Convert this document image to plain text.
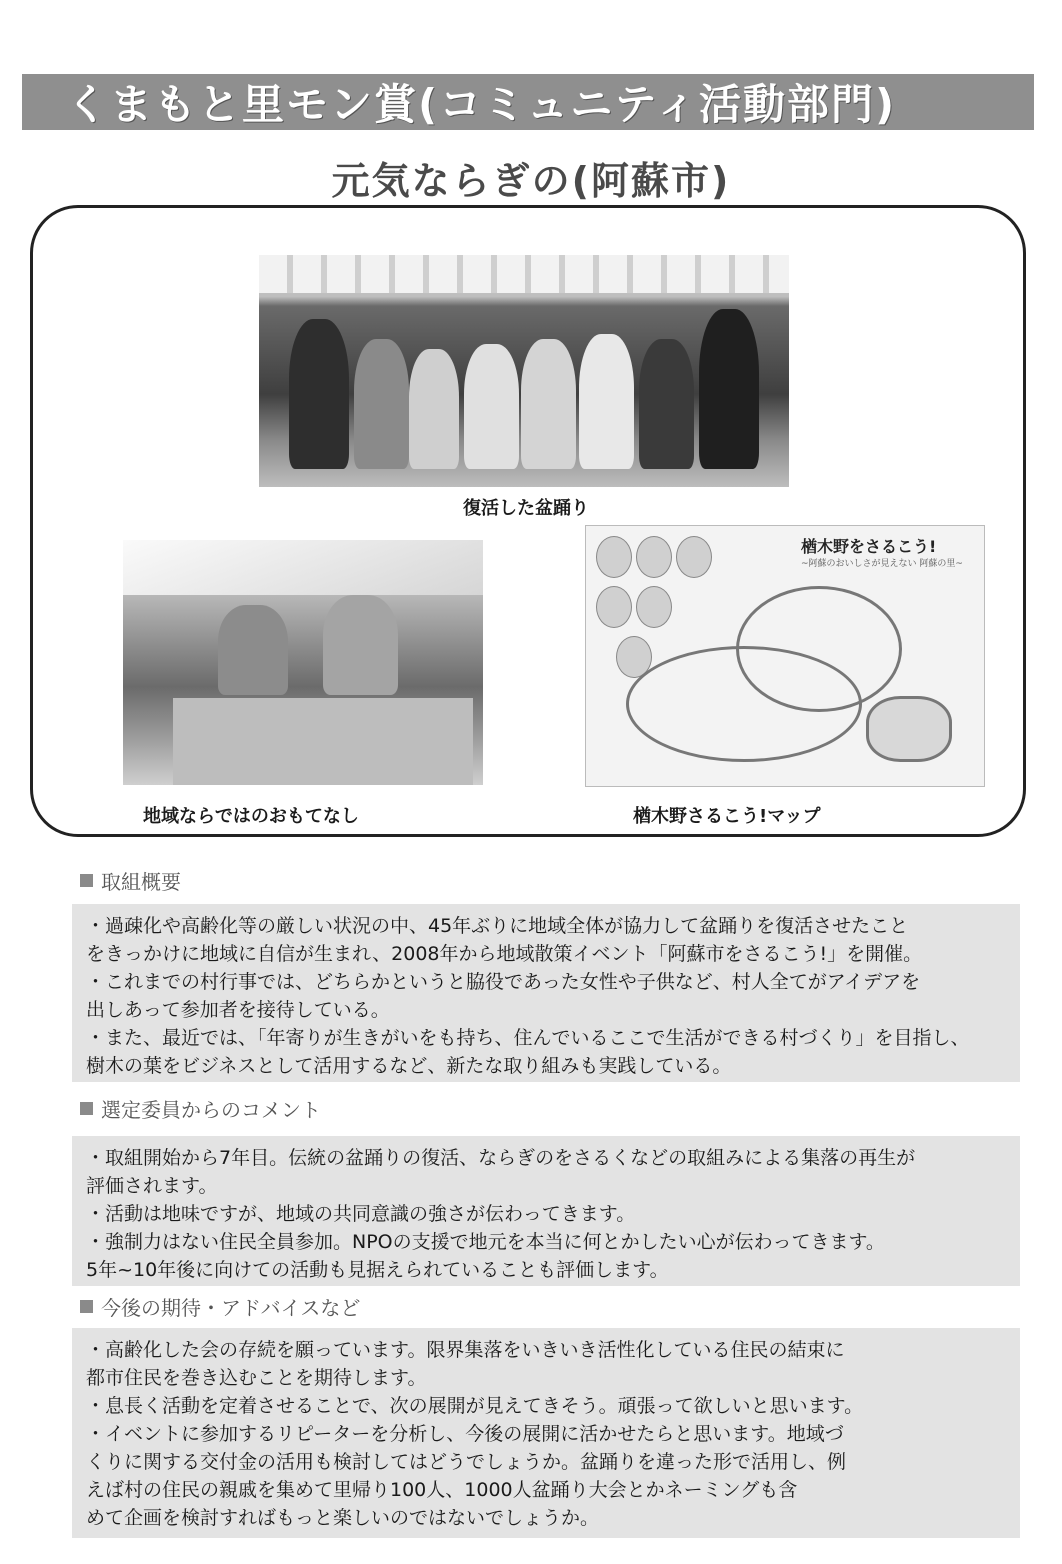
くまもと里モン賞(コミュニティ活動部門)
元気ならぎの(阿蘇市)
楢木野をさるこう!
~阿蘇のおいしさが見えない 阿蘇の里~
復活した盆踊り
地域ならではのおもてなし	楢木野さるこう!マップ
取組概要

・過疎化や高齢化等の厳しい状況の中、45年ぶりに地域全体が協力して盆踊りを復活させたこと

をきっかけに地域に自信が生まれ、2008年から地域散策イベント「阿蘇市をさるこう!」を開催。

・これまでの村行事では、どちらかというと脇役であった女性や子供など、村人全てがアイデアを

出しあって参加者を接待している。

・また、最近では、「年寄りが生きがいをも持ち、住んでいるここで生活ができる村づくり」を目指し、

樹木の葉をビジネスとして活用するなど、新たな取り組みも実践している。

選定委員からのコメント

・取組開始から7年目。伝統の盆踊りの復活、ならぎのをさるくなどの取組みによる集落の再生が

評価されます。

・活動は地味ですが、地域の共同意識の強さが伝わってきます。

・強制力はない住民全員参加。NPOの支援で地元を本当に何とかしたい心が伝わってきます。

5年~10年後に向けての活動も見据えられていることも評価します。

今後の期待・アドバイスなど

・高齢化した会の存続を願っています。限界集落をいきいき活性化している住民の結束に

都市住民を巻き込むことを期待します。

・息長く活動を定着させることで、次の展開が見えてきそう。頑張って欲しいと思います。

・イベントに参加するリピーターを分析し、今後の展開に活かせたらと思います。地域づ

くりに関する交付金の活用も検討してはどうでしょうか。盆踊りを違った形で活用し、例

えば村の住民の親戚を集めて里帰り100人、1000人盆踊り大会とかネーミングも含

めて企画を検討すればもっと楽しいのではないでしょうか。
